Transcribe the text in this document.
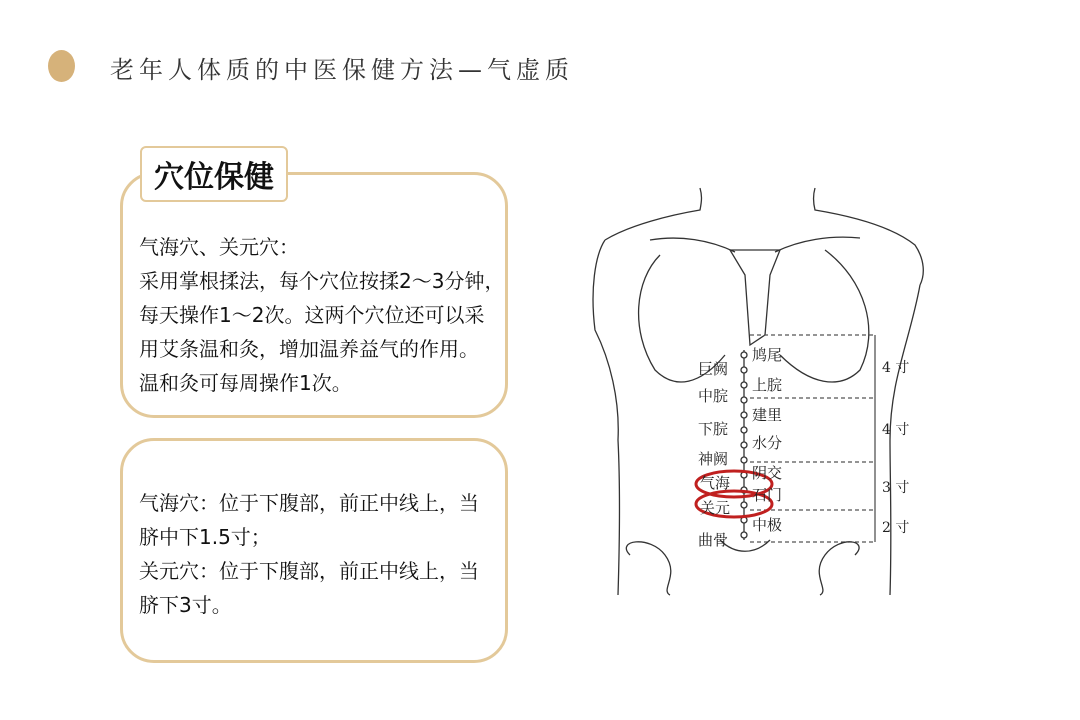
老年人体质的中医保健方法—气虚质
气海穴、关元穴：
采用掌根揉法，每个穴位按揉2～3分钟，
每天操作1～2次。这两个穴位还可以采
用艾条温和灸，增加温养益气的作用。
温和灸可每周操作1次。
穴位保健
气海穴：位于下腹部，前正中线上，当
脐中下1.5寸；
关元穴：位于下腹部，前正中线上，当
脐下3寸。
巨阙
中脘
下脘
神阙
气海
关元
曲骨
鸠尾
上脘
建里
水分
阴交
石门
中极
4 寸
4 寸
3 寸
2 寸
